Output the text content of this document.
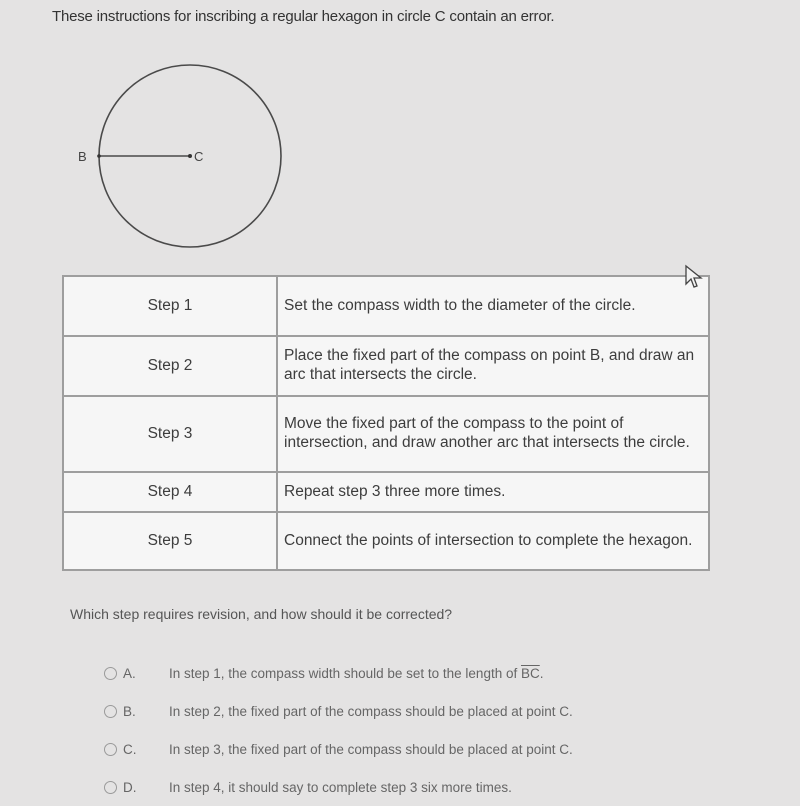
These instructions for inscribing a regular hexagon in circle C contain an error.
B	C
Step 1	Set the compass width to the diameter of the circle.
Step 2	Place the fixed part of the compass on point B, and draw an arc that intersects the circle.
Step 3	Move the fixed part of the compass to the point of intersection, and draw another arc that intersects the circle.
Step 4	Repeat step 3 three more times.
Step 5	Connect the points of intersection to complete the hexagon.
Which step requires revision, and how should it be corrected?
A.	In step 1, the compass width should be set to the length of $\overline{BC}$.
B.	In step 2, the fixed part of the compass should be placed at point C.
C.	In step 3, the fixed part of the compass should be placed at point C.
D.	In step 4, it should say to complete step 3 six more times.
